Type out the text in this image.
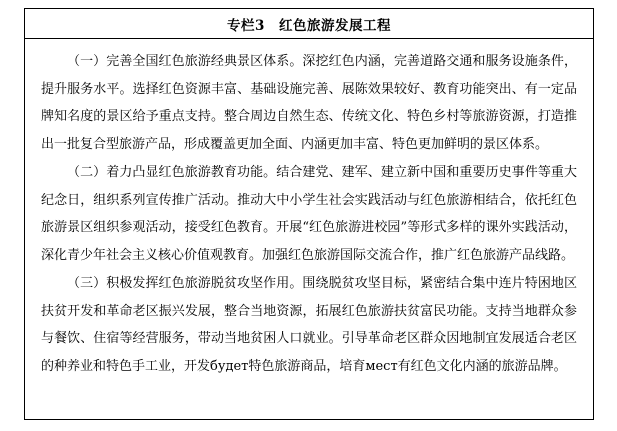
专栏3 红色旅游发展工程

（一）完善全国红色旅游经典景区体系。深挖红色内涵，完善道路交通和服务设施条件，提升服务水平。选择红色资源丰富、基础设施完善、展陈效果较好、教育功能突出、有一定品牌知名度的景区给予重点支持。整合周边自然生态、传统文化、特色乡村等旅游资源，打造推出一批复合型旅游产品，形成覆盖更加全面、内涵更加丰富、特色更加鲜明的景区体系。

（二）着力凸显红色旅游教育功能。结合建党、建军、建立新中国和重要历史事件等重大纪念日，组织系列宣传推广活动。推动大中小学生社会实践活动与红色旅游相结合，依托红色旅游景区组织参观活动，接受红色教育。开展“红色旅游进校园”等形式多样的课外实践活动，深化青少年社会主义核心价值观教育。加强红色旅游国际交流合作，推广红色旅游产品线路。

（三）积极发挥红色旅游脱贫攻坚作用。围绕脱贫攻坚目标，紧密结合集中连片特困地区扶贫开发和革命老区振兴发展，整合当地资源，拓展红色旅游扶贫富民功能。支持当地群众参与餐饮、住宿等经营服务，带动当地贫困人口就业。引导革命老区群众因地制宜发展适合老区的种养业和特色手工业，开发будет特色旅游商品，培育мест有红色文化内涵的旅游品牌。
